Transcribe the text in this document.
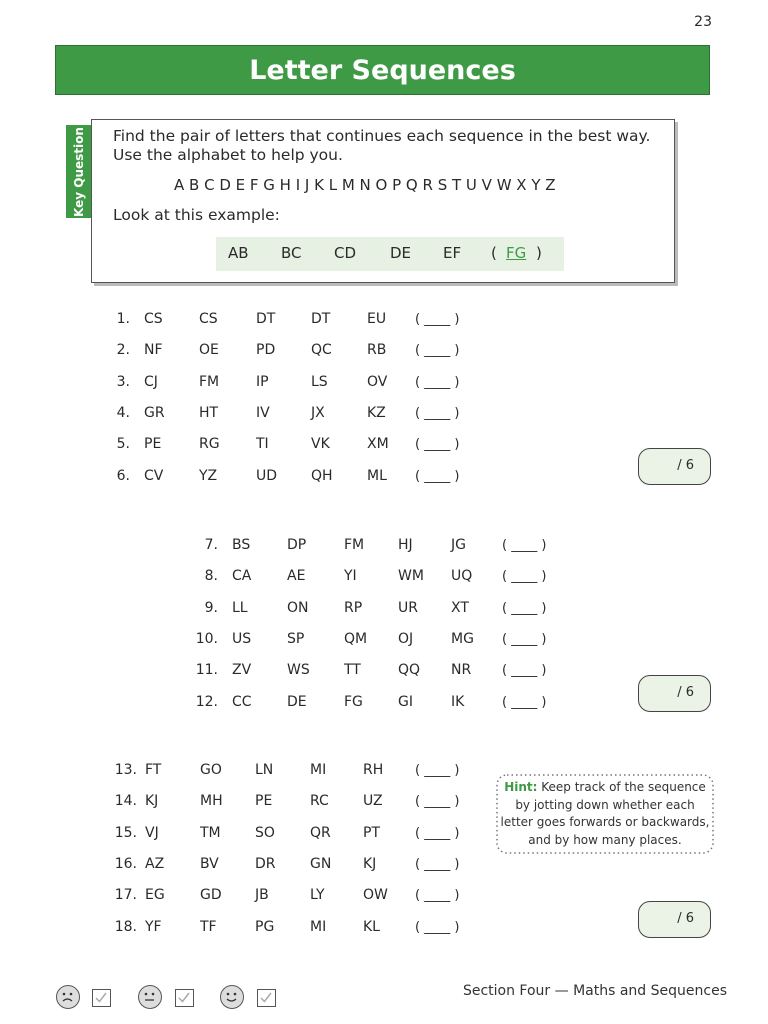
23
Letter Sequences
Key Question Find the pair of letters that continues each sequence in the best way.
Use the alphabet to help you.
A B C D E F G H I J K L M N O P Q R S T U V W X Y Z
Look at this example:
AB BC CD DE EF ( FG )
1. CS	CS	DT	DT	EU ( ____ )
2. NF	OE	PD	QC	RB ( ____ )
3. CJ	FM	IP	LS	OV ( ____ )
4. GR HT	IV	JX	KZ ( ____ )
5. PE	RG	TI	VK	XM ( ____ )
6. CV	YZ	UD QH ML ( ____ )
7. BS	DP	FM HJ	JG	( ____ )
8. CA	AE	YI	WM UQ ( ____ )
9. LL	ON	RP	UR XT	( ____ )
10. US	SP	QM OJ	MG ( ____ )
11. ZV	WS TT	QQ NR ( ____ )
12. CC	DE	FG	GI	IK	( ____ )
13. FT	GO LN	MI	RH ( ____ )
14. KJ	MH PE	RC UZ ( ____ )
15. VJ	TM SO	QR PT	( ____ )
16. AZ	BV	DR GN KJ	( ____ )
17. EG	GD JB	LY	OW ( ____ )
18. YF	TF	PG	MI	KL	( ____ )
/ 6
/ 6
/ 6
Hint: Keep track of the sequence by jotting down whether each letter goes forwards or backwards, and by how many places.
Section Four — Maths and Sequences
